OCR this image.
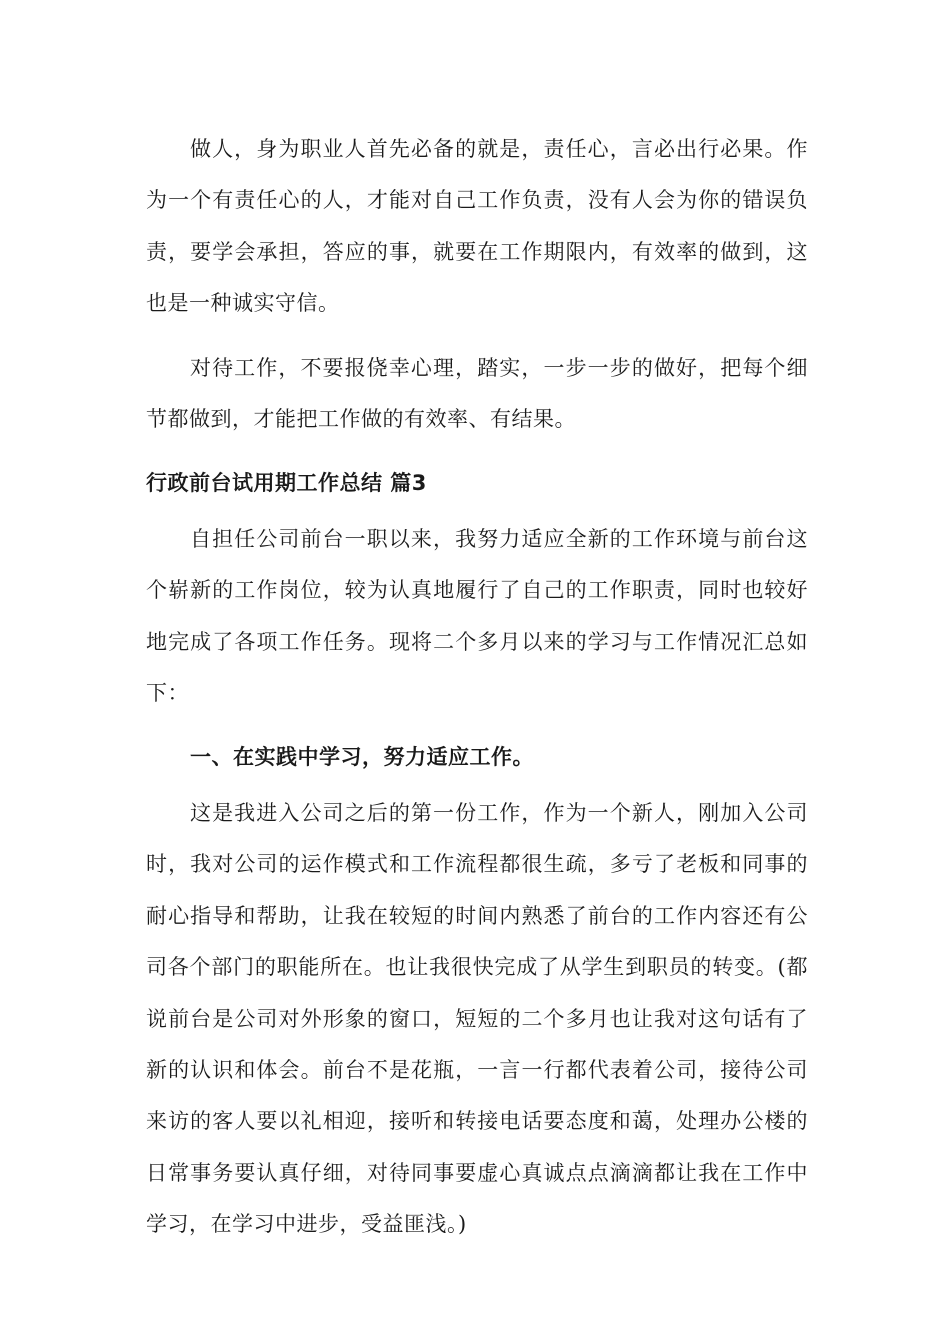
做人，身为职业人首先必备的就是，责任心，言必出行必果。作为一个有责任心的人，才能对自己工作负责，没有人会为你的错误负责，要学会承担，答应的事，就要在工作期限内，有效率的做到，这也是一种诚实守信。

对待工作，不要报侥幸心理，踏实，一步一步的做好，把每个细节都做到，才能把工作做的有效率、有结果。

行政前台试用期工作总结 篇3

自担任公司前台一职以来，我努力适应全新的工作环境与前台这个崭新的工作岗位，较为认真地履行了自己的工作职责，同时也较好地完成了各项工作任务。现将二个多月以来的学习与工作情况汇总如下：

一、在实践中学习，努力适应工作。

这是我进入公司之后的第一份工作，作为一个新人，刚加入公司时，我对公司的运作模式和工作流程都很生疏，多亏了老板和同事的耐心指导和帮助，让我在较短的时间内熟悉了前台的工作内容还有公司各个部门的职能所在。也让我很快完成了从学生到职员的转变。(都说前台是公司对外形象的窗口，短短的二个多月也让我对这句话有了新的认识和体会。前台不是花瓶，一言一行都代表着公司，接待公司来访的客人要以礼相迎，接听和转接电话要态度和蔼，处理办公楼的日常事务要认真仔细，对待同事要虚心真诚点点滴滴都让我在工作中学习，在学习中进步，受益匪浅。)
